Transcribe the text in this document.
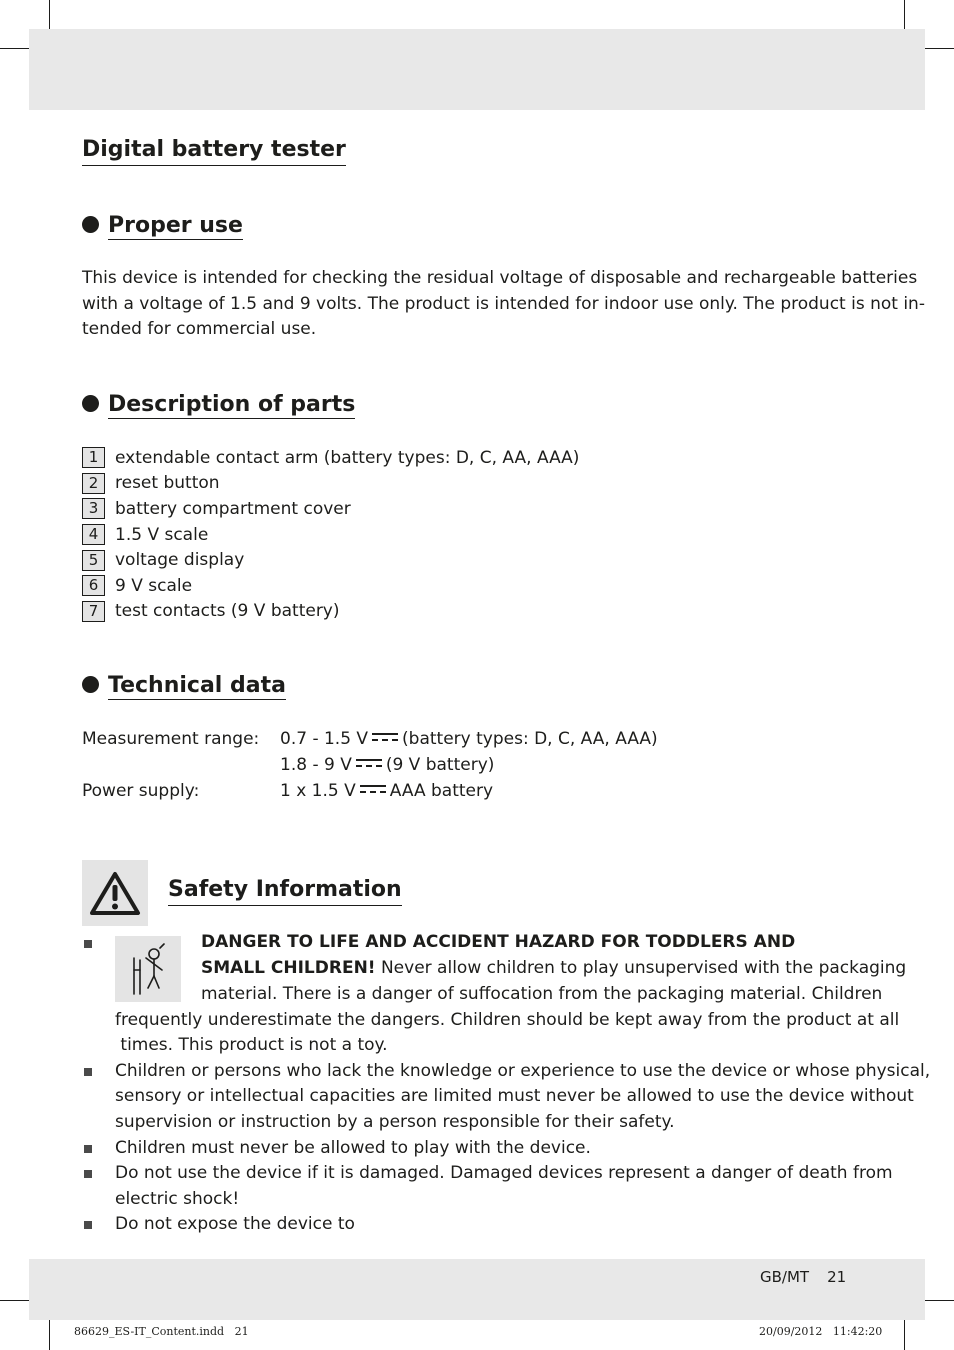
Digital battery tester
Proper use
This device is intended for checking the residual voltage of disposable and rechargeable batteries
with a voltage of 1.5 and 9 volts. The product is intended for indoor use only. The product is not in-
tended for commercial use.
Description of parts
1 extendable contact arm (battery types: D, C, AA, AAA)
2 reset button
3 battery compartment cover
4 1.5 V scale
5 voltage display
6 9 V scale
7 test contacts (9 V battery)
Technical data
Measurement range:	0.7 - 1.5 V (battery types: D, C, AA, AAA)
1.8 - 9 V (9 V battery)
Power supply:	1 x 1.5 V AAA battery
Safety Information
DANGER TO LIFE AND ACCIDENT HAZARD FOR TODDLERS AND
SMALL CHILDREN! Never allow children to play unsupervised with the packaging
material. There is a danger of suffocation from the packaging material. Children
frequently underestimate the dangers. Children should be kept away from the product at all
times. This product is not a toy.
Children or persons who lack the knowledge or experience to use the device or whose physical,
sensory or intellectual capacities are limited must never be allowed to use the device without
supervision or instruction by a person responsible for their safety.
Children must never be allowed to play with the device.
Do not use the device if it is damaged. Damaged devices represent a danger of death from
electric shock!
Do not expose the device to
GB/MT 21
86629_ES-IT_Content.indd   21	20/09/2012   11:42:20
